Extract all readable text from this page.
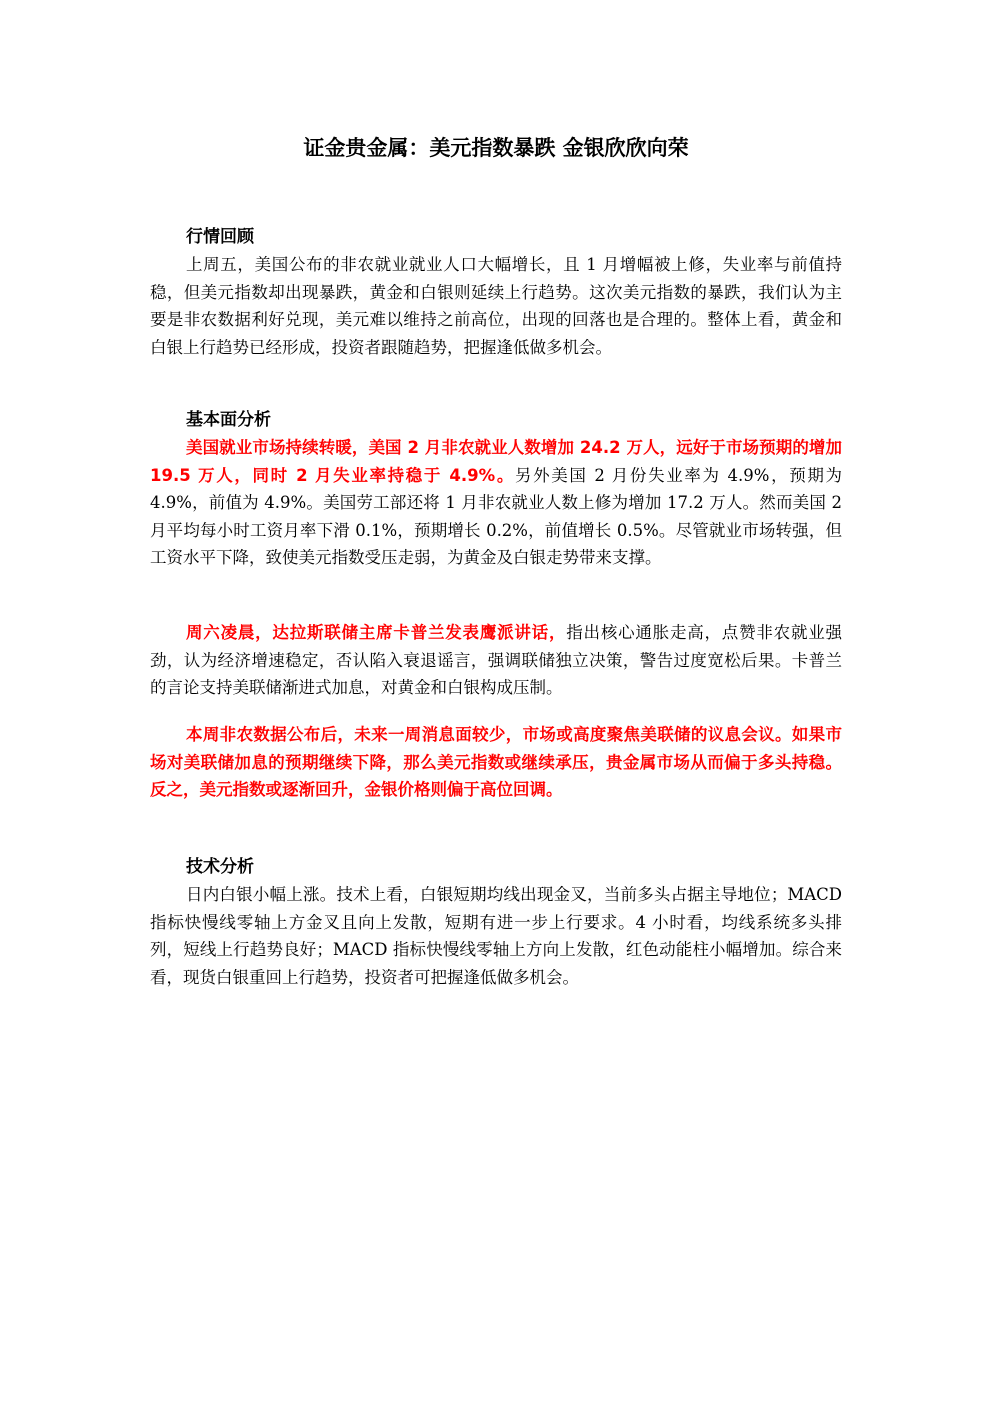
证金贵金属：美元指数暴跌 金银欣欣向荣

行情回顾

上周五，美国公布的非农就业就业人口大幅增长，且 1 月增幅被上修，失业率与前值持稳，但美元指数却出现暴跌，黄金和白银则延续上行趋势。这次美元指数的暴跌，我们认为主要是非农数据利好兑现，美元难以维持之前高位，出现的回落也是合理的。整体上看，黄金和白银上行趋势已经形成，投资者跟随趋势，把握逢低做多机会。

基本面分析

美国就业市场持续转暖，美国 2 月非农就业人数增加 24.2 万人，远好于市场预期的增加 19.5 万人，同时 2 月失业率持稳于 4.9%。另外美国 2 月份失业率为 4.9%，预期为 4.9%，前值为 4.9%。美国劳工部还将 1 月非农就业人数上修为增加 17.2 万人。然而美国 2 月平均每小时工资月率下滑 0.1%，预期增长 0.2%，前值增长 0.5%。尽管就业市场转强，但工资水平下降，致使美元指数受压走弱，为黄金及白银走势带来支撑。

周六凌晨，达拉斯联储主席卡普兰发表鹰派讲话，指出核心通胀走高，点赞非农就业强劲，认为经济增速稳定，否认陷入衰退谣言，强调联储独立决策，警告过度宽松后果。卡普兰的言论支持美联储渐进式加息，对黄金和白银构成压制。

本周非农数据公布后，未来一周消息面较少，市场或高度聚焦美联储的议息会议。如果市场对美联储加息的预期继续下降，那么美元指数或继续承压，贵金属市场从而偏于多头持稳。反之，美元指数或逐渐回升，金银价格则偏于高位回调。

技术分析

日内白银小幅上涨。技术上看，白银短期均线出现金叉，当前多头占据主导地位；MACD 指标快慢线零轴上方金叉且向上发散，短期有进一步上行要求。4 小时看，均线系统多头排列，短线上行趋势良好；MACD 指标快慢线零轴上方向上发散，红色动能柱小幅增加。综合来看，现货白银重回上行趋势，投资者可把握逢低做多机会。
